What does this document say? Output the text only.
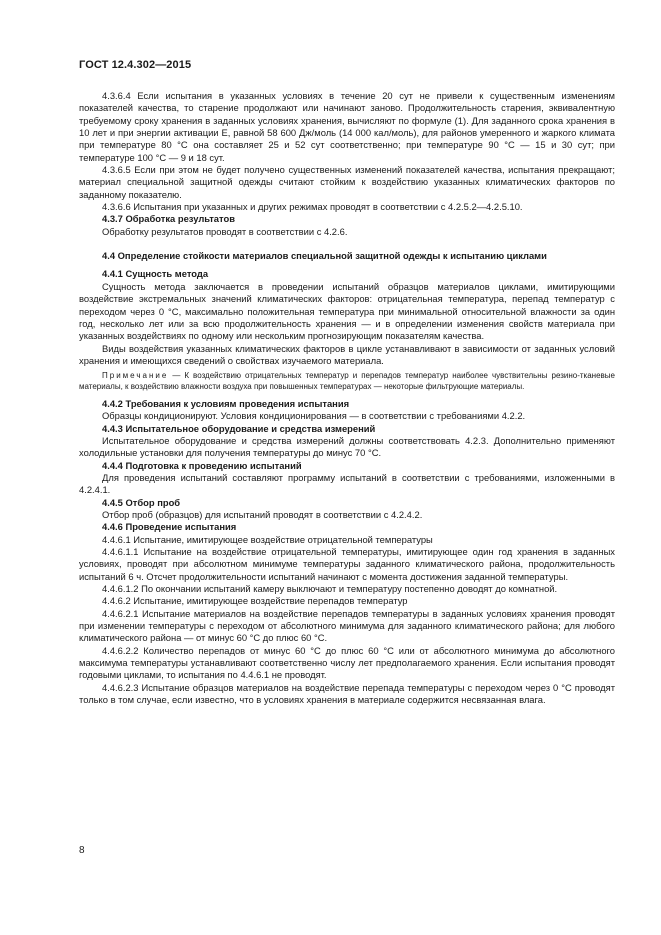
ГОСТ 12.4.302—2015

4.3.6.4 Если испытания в указанных условиях в течение 20 сут не привели к существенным изменениям показателей качества, то старение продолжают или начинают заново. Продолжительность старения, эквивалентную требуемому сроку хранения в заданных условиях хранения, вычисляют по формуле (1). Для заданного срока хранения в 10 лет и при энергии активации E, равной 58 600 Дж/моль (14 000 кал/моль), для районов умеренного и жаркого климата при температуре 80 °С она составляет 25 и 52 сут соответственно; при температуре 90 °С — 15 и 30 сут; при температуре 100 °С — 9 и 18 сут.

4.3.6.5 Если при этом не будет получено существенных изменений показателей качества, испытания прекращают; материал специальной защитной одежды считают стойким к воздействию указанных климатических факторов по заданному показателю.

4.3.6.6 Испытания при указанных и других режимах проводят в соответствии с 4.2.5.2—4.2.5.10.

4.3.7 Обработка результатов

Обработку результатов проводят в соответствии с 4.2.6.

4.4 Определение стойкости материалов специальной защитной одежды к испытанию циклами

4.4.1 Сущность метода

Сущность метода заключается в проведении испытаний образцов материалов циклами, имитирующими воздействие экстремальных значений климатических факторов: отрицательная температура, перепад температур с переходом через 0 °С, максимально положительная температура при минимальной относительной влажности за один год, несколько лет или за всю продолжительность хранения — и в определении изменения свойств материала при указанных воздействиях по одному или нескольким прогнозирующим показателям качества.

Виды воздействия указанных климатических факторов в цикле устанавливают в зависимости от заданных условий хранения и имеющихся сведений о свойствах изучаемого материала.

Примечание — К воздействию отрицательных температур и перепадов температур наиболее чувствительны резино-тканевые материалы, к воздействию влажности воздуха при повышенных температурах — некоторые фильтрующие материалы.

4.4.2 Требования к условиям проведения испытания

Образцы кондиционируют. Условия кондиционирования — в соответствии с требованиями 4.2.2.

4.4.3 Испытательное оборудование и средства измерений

Испытательное оборудование и средства измерений должны соответствовать 4.2.3. Дополнительно применяют холодильные установки для получения температуры до минус 70 °С.

4.4.4 Подготовка к проведению испытаний

Для проведения испытаний составляют программу испытаний в соответствии с требованиями, изложенными в 4.2.4.1.

4.4.5 Отбор проб

Отбор проб (образцов) для испытаний проводят в соответствии с 4.2.4.2.

4.4.6 Проведение испытания

4.4.6.1 Испытание, имитирующее воздействие отрицательной температуры

4.4.6.1.1 Испытание на воздействие отрицательной температуры, имитирующее один год хранения в заданных условиях, проводят при абсолютном минимуме температуры заданного климатического района, продолжительность испытаний 6 ч. Отсчет продолжительности испытаний начинают с момента достижения заданной температуры.

4.4.6.1.2 По окончании испытаний камеру выключают и температуру постепенно доводят до комнатной.

4.4.6.2 Испытание, имитирующее воздействие перепадов температур

4.4.6.2.1 Испытание материалов на воздействие перепадов температуры в заданных условиях хранения проводят при изменении температуры с переходом от абсолютного минимума для заданного климатического района; для любого климатического района — от минус 60 °С до плюс 60 °С.

4.4.6.2.2 Количество перепадов от минус 60 °С до плюс 60 °С или от абсолютного минимума до абсолютного максимума температуры устанавливают соответственно числу лет предполагаемого хранения. Если испытания проводят годовыми циклами, то испытания по 4.4.6.1 не проводят.

4.4.6.2.3 Испытание образцов материалов на воздействие перепада температуры с переходом через 0 °С проводят только в том случае, если известно, что в условиях хранения в материале содержится несвязанная влага.

8
